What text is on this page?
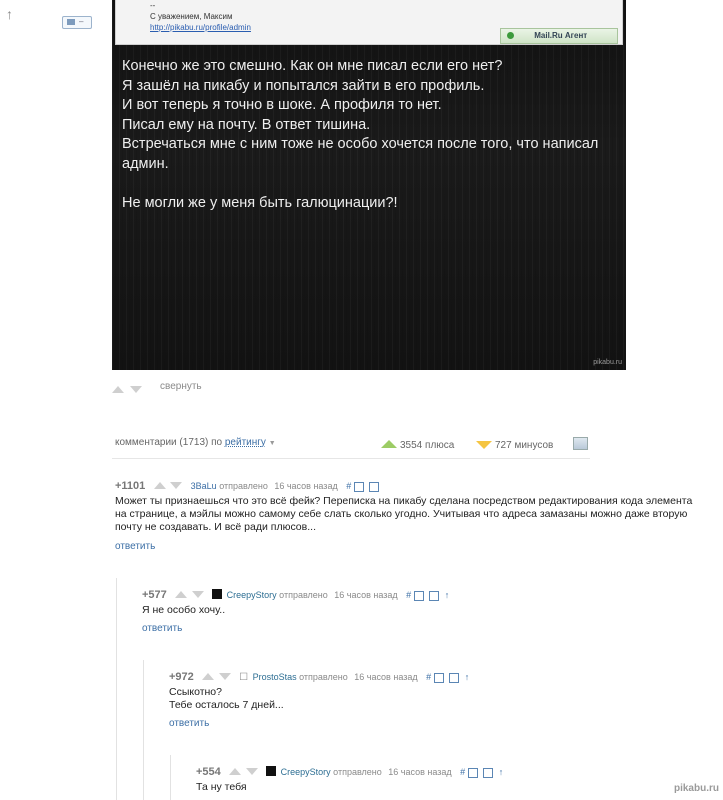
↑	–
--
С уважением, Максим
http://pikabu.ru/profile/admin
Mail.Ru Агент
Конечно же это смешно. Как он мне писал если его нет?
Я зашёл на пикабу и попытался зайти в его профиль.
И вот теперь я точно в шоке. А профиля то нет.
Писал ему на почту. В ответ тишина.
Встречаться мне с ним тоже не особо хочется после того, что написал админ.

Не могли же у меня быть галюцинации?!
pikabu.ru

свернуть
комментарии (1713) по рейтингу ▼	3554 плюса	727 минусов
+1101	3BaLu отправлено 16 часов назад #
Может ты признаешься что это всё фейк? Переписка на пикабу сделана посредством редактирования кода элемента на странице, а мэйлы можно самому себе слать сколько угодно. Учитывая что адреса замазаны можно даже вторую почту не создавать. И всё ради плюсов...
ответить
+577	CreepyStory отправлено 16 часов назад #	↑
Я не особо хочу..
ответить
+972	☐ ProstoStas отправлено 16 часов назад #	↑
Ссыкотно?
Тебе осталось 7 дней...
ответить
+554	CreepyStory отправлено 16 часов назад #	↑
Та ну тебя	pikabu.ru
